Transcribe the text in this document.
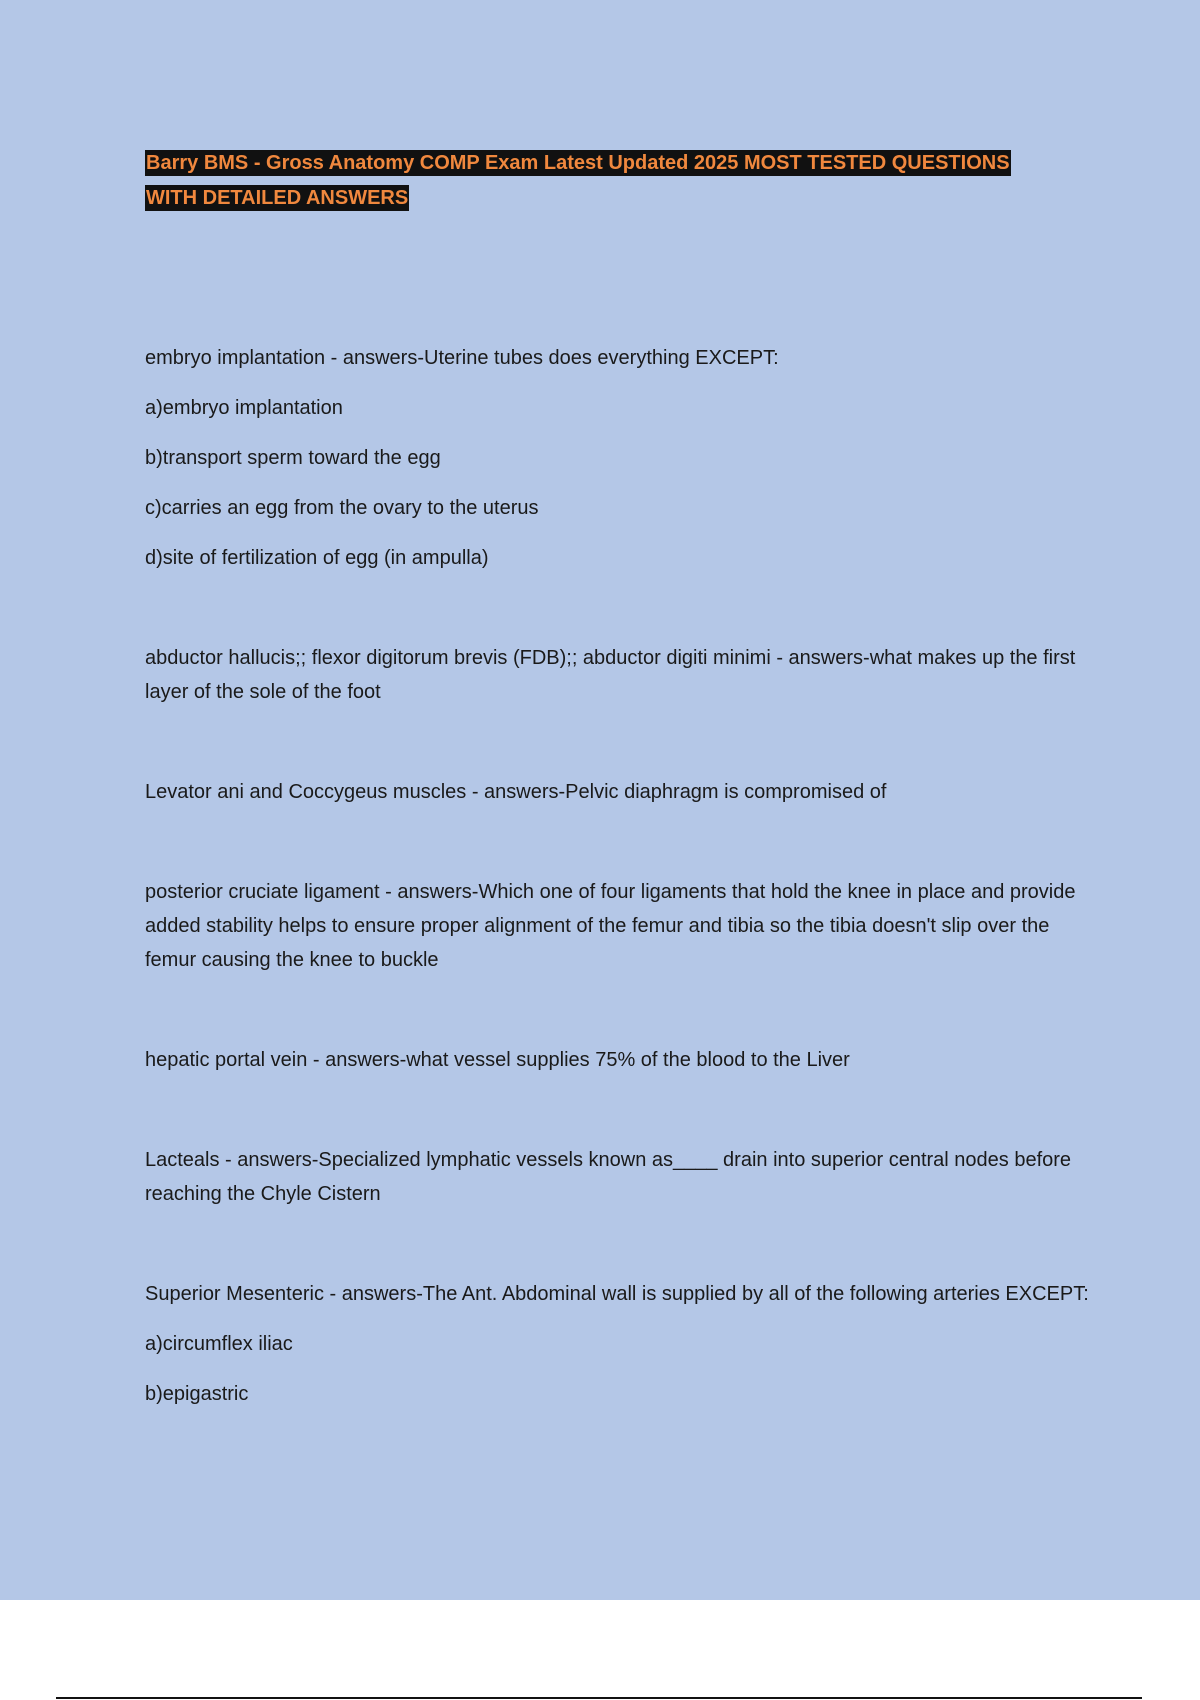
Barry BMS - Gross Anatomy COMP Exam Latest Updated 2025 MOST TESTED QUESTIONS
WITH DETAILED ANSWERS

embryo implantation - answers-Uterine tubes does everything EXCEPT:

a)embryo implantation

b)transport sperm toward the egg

c)carries an egg from the ovary to the uterus

d)site of fertilization of egg (in ampulla)

abductor hallucis;; flexor digitorum brevis (FDB);; abductor digiti minimi - answers-what makes up the first layer of the sole of the foot

Levator ani and Coccygeus muscles - answers-Pelvic diaphragm is compromised of

posterior cruciate ligament - answers-Which one of four ligaments that hold the knee in place and provide added stability helps to ensure proper alignment of the femur and tibia so the tibia doesn't slip over the femur causing the knee to buckle

hepatic portal vein - answers-what vessel supplies 75% of the blood to the Liver

Lacteals - answers-Specialized lymphatic vessels known as____ drain into superior central nodes before reaching the Chyle Cistern

Superior Mesenteric - answers-The Ant. Abdominal wall is supplied by all of the following arteries EXCEPT:

a)circumflex iliac

b)epigastric
